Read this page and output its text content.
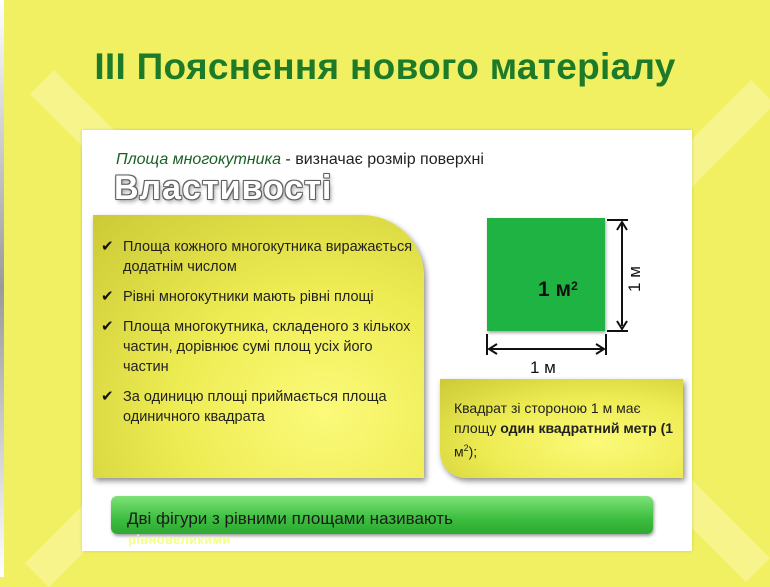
ІІІ Пояснення нового матеріалу
Площа многокутника - визначає розмір поверхні
Властивості
✔ Площа кожного многокутника виражається додатнім числом
✔ Рівні многокутники мають рівні площі
✔ Площа многокутника, складеного з кількох частин, дорівнює сумі площ усіх його частин
✔ За одиницю площі приймається площа одиничного квадрата
1 $м^2$	1 м
1 м
Квадрат зі стороною 1 м має площу один квадратний метр (1 $м^2$);
Дві фігури з рівними площами називають
рівновеликими
